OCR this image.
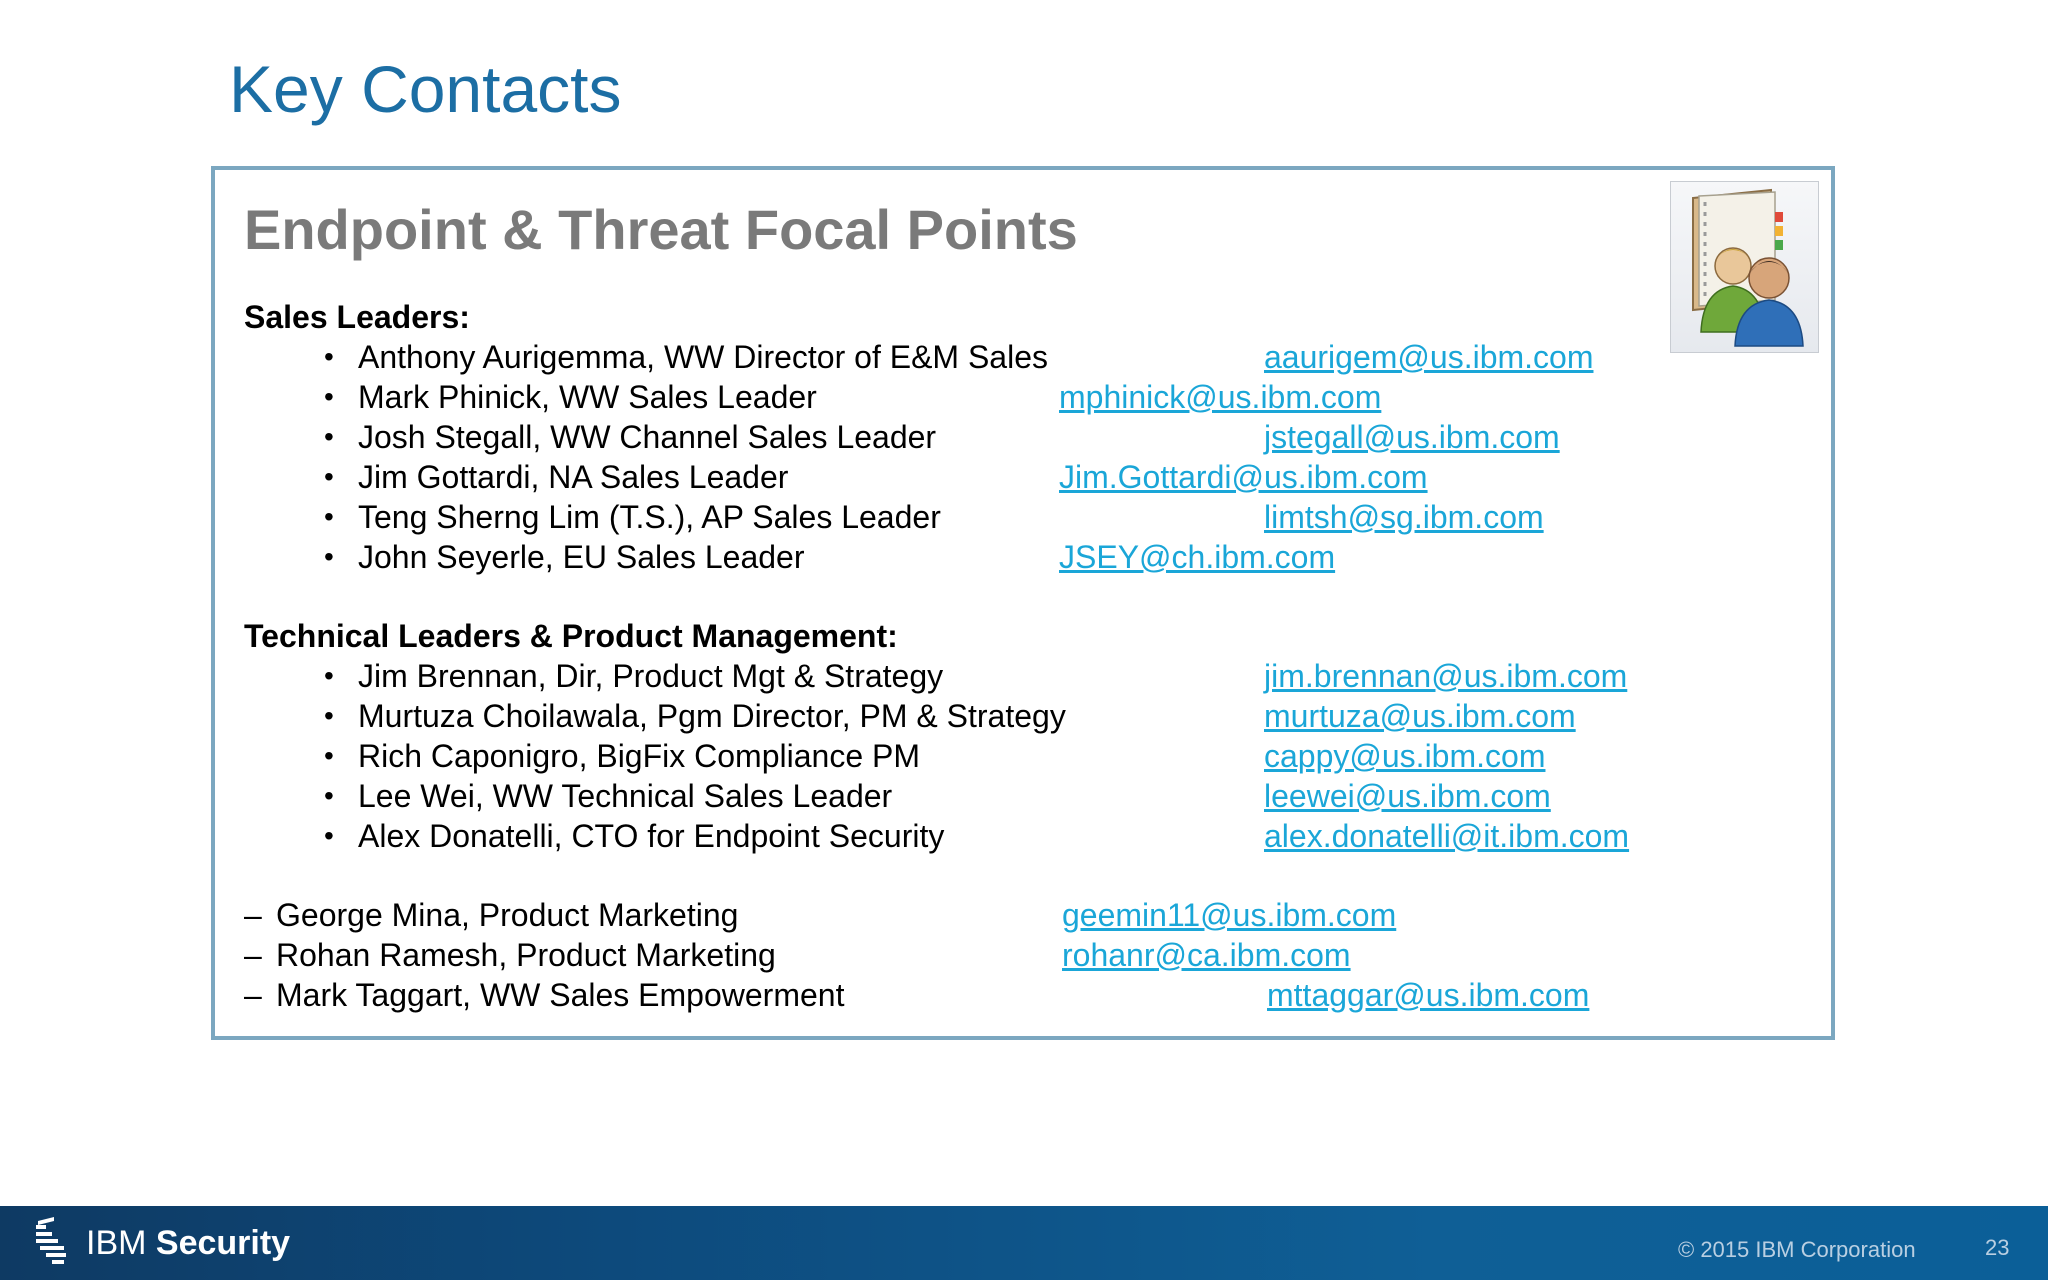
Key Contacts
Endpoint & Threat Focal Points
Sales Leaders:
• Anthony Aurigemma, WW Director of E&M Sales	aaurigem@us.ibm.com
• Mark Phinick, WW Sales Leader	mphinick@us.ibm.com
• Josh Stegall, WW Channel Sales Leader	jstegall@us.ibm.com
• Jim Gottardi, NA Sales Leader	Jim.Gottardi@us.ibm.com
• Teng Sherng Lim (T.S.), AP Sales Leader	limtsh@sg.ibm.com
• John Seyerle, EU Sales Leader	JSEY@ch.ibm.com
Technical Leaders & Product Management:
• Jim Brennan, Dir, Product Mgt & Strategy	jim.brennan@us.ibm.com
• Murtuza Choilawala, Pgm Director, PM & Strategy	murtuza@us.ibm.com
• Rich Caponigro, BigFix Compliance PM	cappy@us.ibm.com
• Lee Wei, WW Technical Sales Leader	leewei@us.ibm.com
• Alex Donatelli, CTO for Endpoint Security	alex.donatelli@it.ibm.com
– George Mina, Product Marketing	geemin11@us.ibm.com
– Rohan Ramesh, Product Marketing	rohanr@ca.ibm.com
– Mark Taggart, WW Sales Empowerment	mttaggar@us.ibm.com
IBM Security	© 2015 IBM Corporation	23
